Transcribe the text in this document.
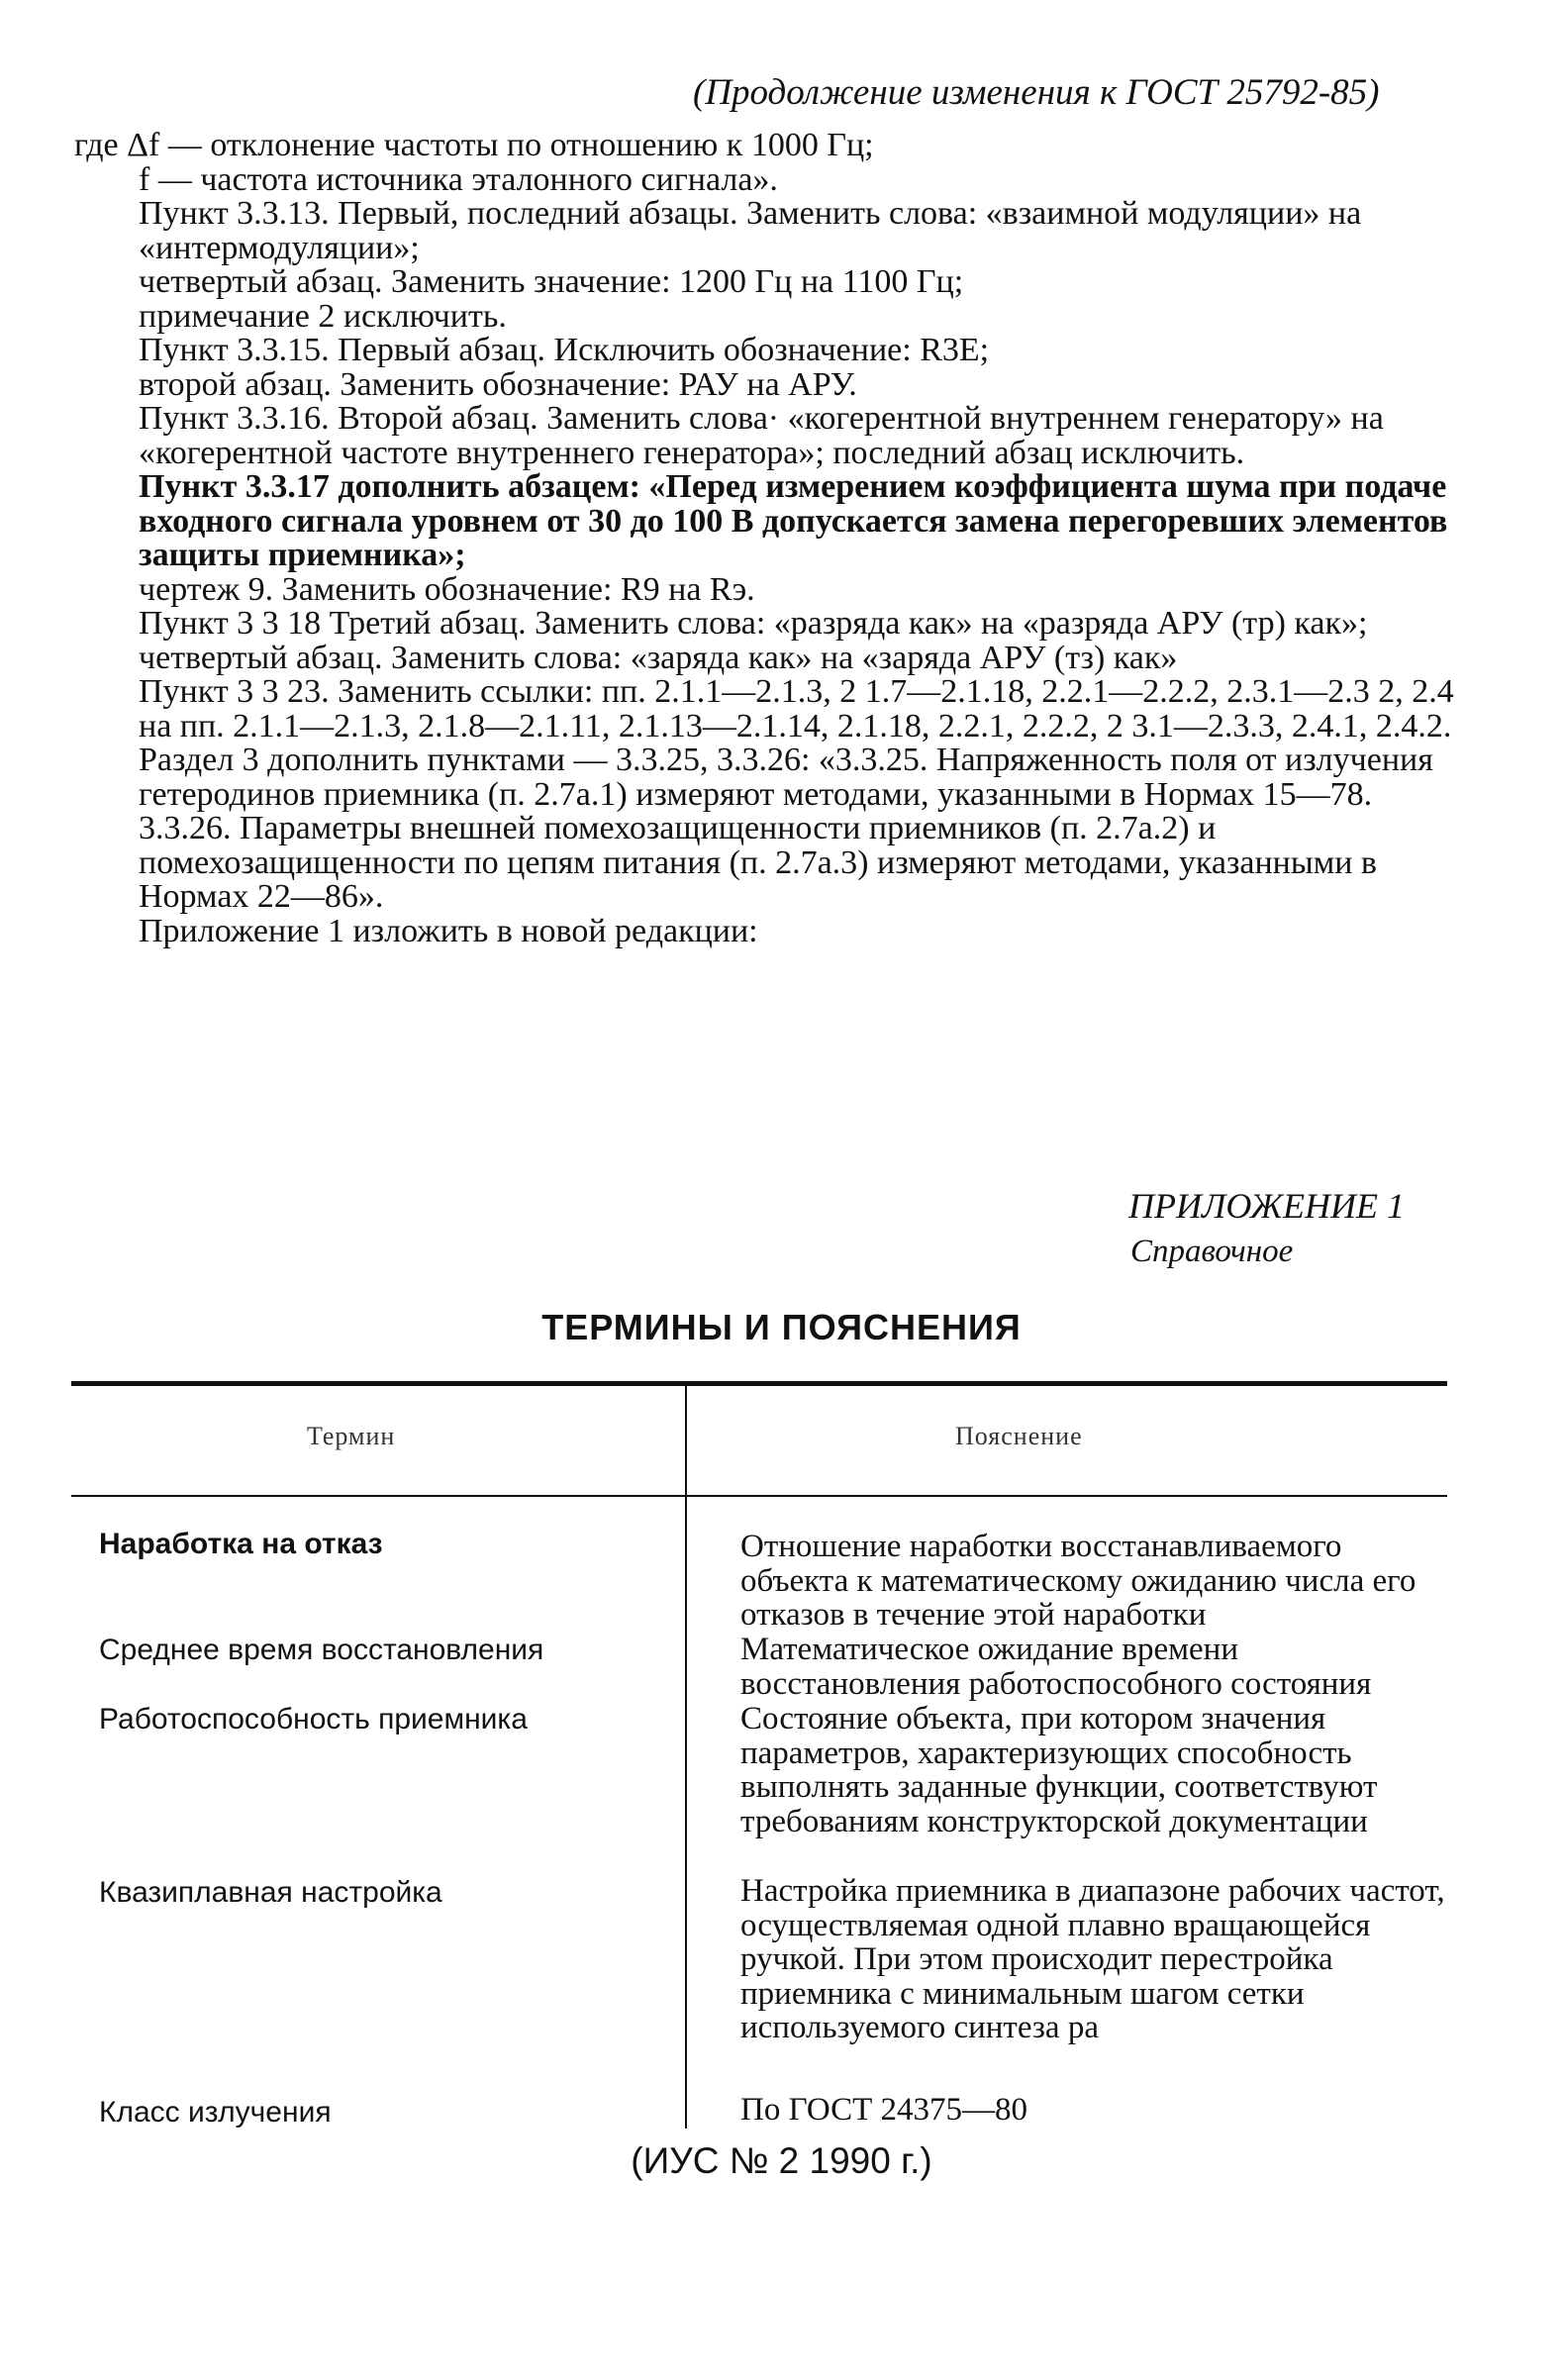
(Продолжение изменения к ГОСТ 25792-85)

где Δf — отклонение частоты по отношению к 1000 Гц;

f — частота источника эталонного сигнала».

Пункт 3.3.13. Первый, последний абзацы. Заменить слова: «взаимной модуляции» на «интермодуляции»;

четвертый абзац. Заменить значение: 1200 Гц на 1100 Гц;

примечание 2 исключить.

Пункт 3.3.15. Первый абзац. Исключить обозначение: R3E;

второй абзац. Заменить обозначение: РАУ на АРУ.

Пункт 3.3.16. Второй абзац. Заменить слова· «когерентной внутреннем генератору» на «когерентной частоте внутреннего генератора»; последний абзац исключить.

Пункт 3.3.17 дополнить абзацем: «Перед измерением коэффициента шума при подаче входного сигнала уровнем от 30 до 100 В допускается замена перегоревших элементов защиты приемника»;

чертеж 9. Заменить обозначение: R9 на Rэ.

Пункт 3 3 18 Третий абзац. Заменить слова: «разряда как» на «разряда АРУ (тр) как»;

четвертый абзац. Заменить слова: «заряда как» на «заряда АРУ (тз) как»

Пункт 3 3 23. Заменить ссылки: пп. 2.1.1—2.1.3, 2 1.7—2.1.18, 2.2.1—2.2.2, 2.3.1—2.3 2, 2.4 на пп. 2.1.1—2.1.3, 2.1.8—2.1.11, 2.1.13—2.1.14, 2.1.18, 2.2.1, 2.2.2, 2 3.1—2.3.3, 2.4.1, 2.4.2.

Раздел 3 дополнить пунктами — 3.3.25, 3.3.26: «3.3.25. Напряженность поля от излучения гетеродинов приемника (п. 2.7а.1) измеряют методами, указанными в Нормах 15—78.

3.3.26. Параметры внешней помехозащищенности приемников (п. 2.7а.2) и помехозащищенности по цепям питания (п. 2.7а.3) измеряют методами, указанными в Нормах 22—86».

Приложение 1 изложить в новой редакции:

ПРИЛОЖЕНИЕ 1
Справочное
ТЕРМИНЫ И ПОЯСНЕНИЯ
Термин	Пояснение
Наработка на отказ	Отношение наработки восстанавливаемого объекта к математическому ожиданию числа его отказов в течение этой наработки
Среднее время восстановления	Математическое ожидание времени восстановления работоспособного состояния
Работоспособность приемника	Состояние объекта, при котором значения параметров, характеризующих способность выполнять заданные функции, соответствуют требованиям конструкторской документации
Квазиплавная настройка	Настройка приемника в диапазоне рабочих частот, осуществляемая одной плавно вращающейся ручкой. При этом происходит перестройка приемника с минимальным шагом сетки используемого синтеза ра
Класс излучения	По ГОСТ 24375—80
(ИУС № 2 1990 г.)
